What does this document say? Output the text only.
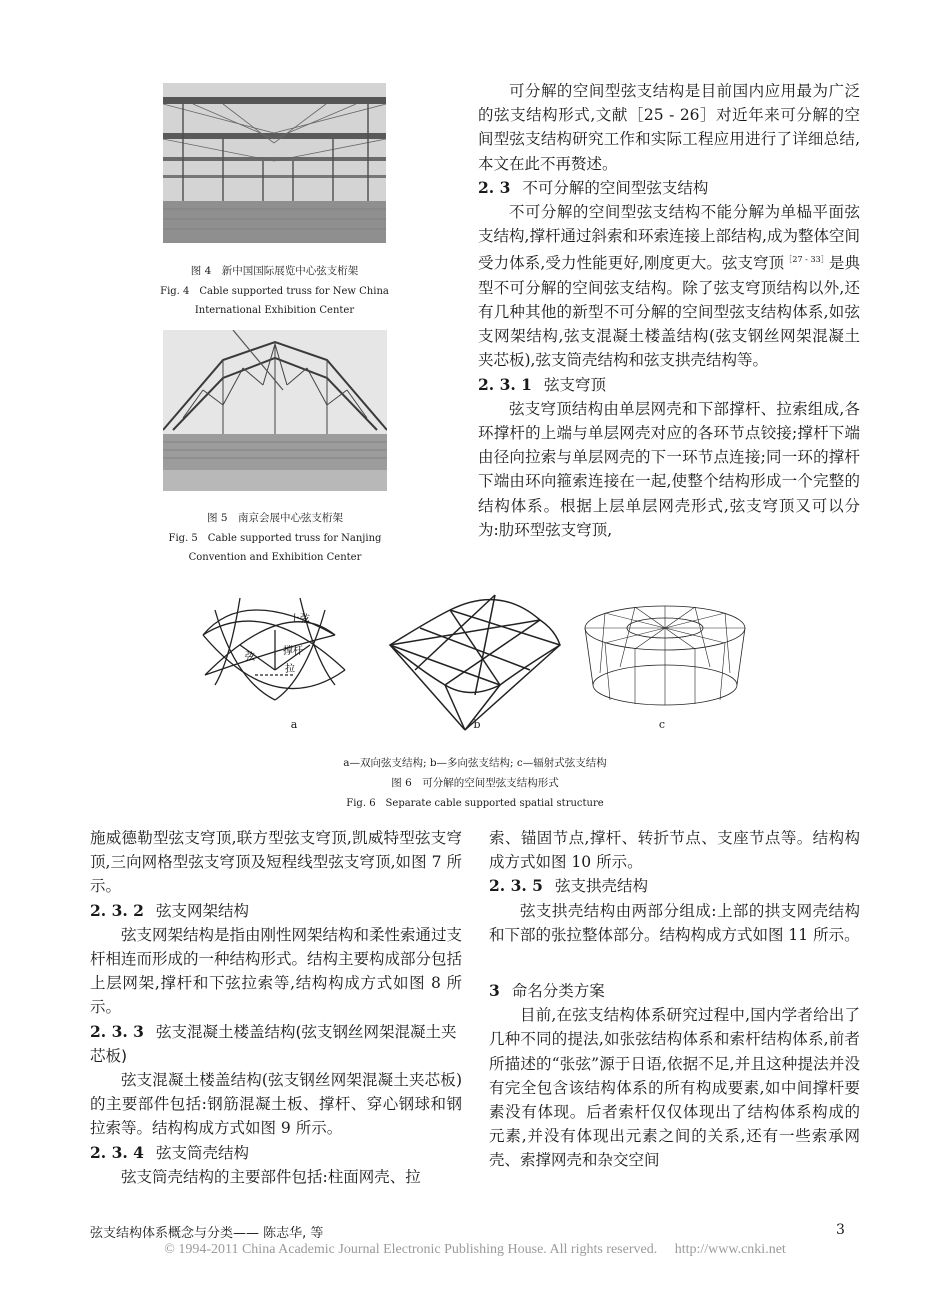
图 4　新中国国际展览中心弦支桁架

Fig. 4　Cable supported truss for New China

International Exhibition Center

图 5　南京会展中心弦支桁架

Fig. 5　Cable supported truss for Nanjing

Convention and Exhibition Center

可分解的空间型弦支结构是目前国内应用最为广泛的弦支结构形式,文献［25 - 26］对近年来可分解的空间型弦支结构研究工作和实际工程应用进行了详细总结,本文在此不再赘述。

2. 3 不可分解的空间型弦支结构

不可分解的空间型弦支结构不能分解为单榀平面弦支结构,撑杆通过斜索和环索连接上部结构,成为整体空间受力体系,受力性能更好,刚度更大。弦支穹顶$^{[27 - 33]}$是典型不可分解的空间弦支结构。除了弦支穹顶结构以外,还有几种其他的新型不可分解的空间型弦支结构体系,如弦支网架结构,弦支混凝土楼盖结构(弦支钢丝网架混凝土夹芯板),弦支筒壳结构和弦支拱壳结构等。

2. 3. 1 弦支穹顶

弦支穹顶结构由单层网壳和下部撑杆、拉索组成,各环撑杆的上端与单层网壳对应的各环节点铰接;撑杆下端由径向拉索与单层网壳的下一环节点连接;同一环的撑杆下端由环向箍索连接在一起,使整个结构形成一个完整的结构体系。根据上层单层网壳形式,弦支穹顶又可以分为:肋环型弦支穹顶,

上弦
撑杆
弦
拉

a	b	c

a—双向弦支结构; b—多向弦支结构; c—辐射式弦支结构

图 6　可分解的空间型弦支结构形式

Fig. 6　Separate cable supported spatial structure

施威德勒型弦支穹顶,联方型弦支穹顶,凯威特型弦支穹顶,三向网格型弦支穹顶及短程线型弦支穹顶,如图 7 所示。

2. 3. 2 弦支网架结构

弦支网架结构是指由刚性网架结构和柔性索通过支杆相连而形成的一种结构形式。结构主要构成部分包括上层网架,撑杆和下弦拉索等,结构构成方式如图 8 所示。

2. 3. 3 弦支混凝土楼盖结构(弦支钢丝网架混凝土夹芯板)

弦支混凝土楼盖结构(弦支钢丝网架混凝土夹芯板)的主要部件包括:钢筋混凝土板、撑杆、穿心钢球和钢拉索等。结构构成方式如图 9 所示。

2. 3. 4 弦支筒壳结构

弦支筒壳结构的主要部件包括:柱面网壳、拉

索、锚固节点,撑杆、转折节点、支座节点等。结构构成方式如图 10 所示。

2. 3. 5 弦支拱壳结构

弦支拱壳结构由两部分组成:上部的拱支网壳结构和下部的张拉整体部分。结构构成方式如图 11 所示。

3 命名分类方案

目前,在弦支结构体系研究过程中,国内学者给出了几种不同的提法,如张弦结构体系和索杆结构体系,前者所描述的“张弦”源于日语,依据不足,并且这种提法并没有完全包含该结构体系的所有构成要素,如中间撑杆要素没有体现。后者索杆仅仅体现出了结构体系构成的元素,并没有体现出元素之间的关系,还有一些索承网壳、索撑网壳和杂交空间

弦支结构体系概念与分类—— 陈志华, 等	3

© 1994-2011 China Academic Journal Electronic Publishing House. All rights reserved.　 http://www.cnki.net
